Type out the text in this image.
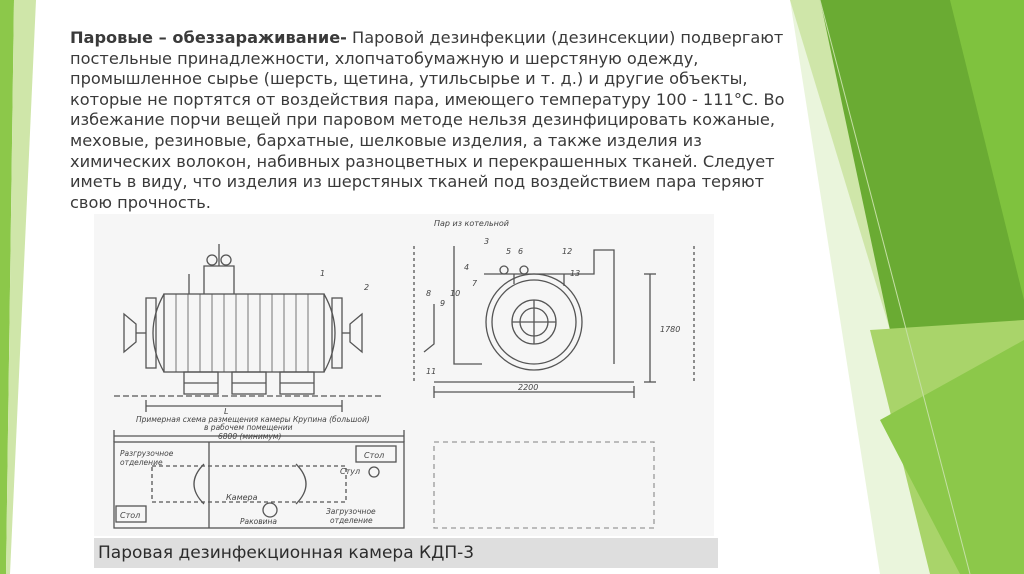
Паровые – обеззараживание- Паровой дезинфекции (дезинсекции) подвергают постельные принадлежности, хлопчатобумажную и шерстяную одежду, промышленное сырье (шерсть, щетина, утильсырье и т. д.) и другие объекты, которые не портятся от воздействия пара, имеющего температуру 100 - 111°С. Во избежание порчи вещей при паровом методе нельзя дезинфицировать кожаные, меховые, резиновые, бархатные, шелковые изделия, а также изделия из химических волокон, набивных разноцветных и перекрашенных тканей. Следует иметь в виду, что изделия из шерстяных тканей под воздействием пара теряют свою прочность.

Пар из котельной
L
Примерная схема размещения камеры Крупина (большой)
в рабочем помещении
6800 (минимум)
2200
1780
Разгрузочное
отделение
Загрузочное
отделение
Стол
Стол
Стул
Камера
Раковина
1
2
3
4
5 6
7
8
9
10
11
12
13
Паровая дезинфекционная камера КДП-3
